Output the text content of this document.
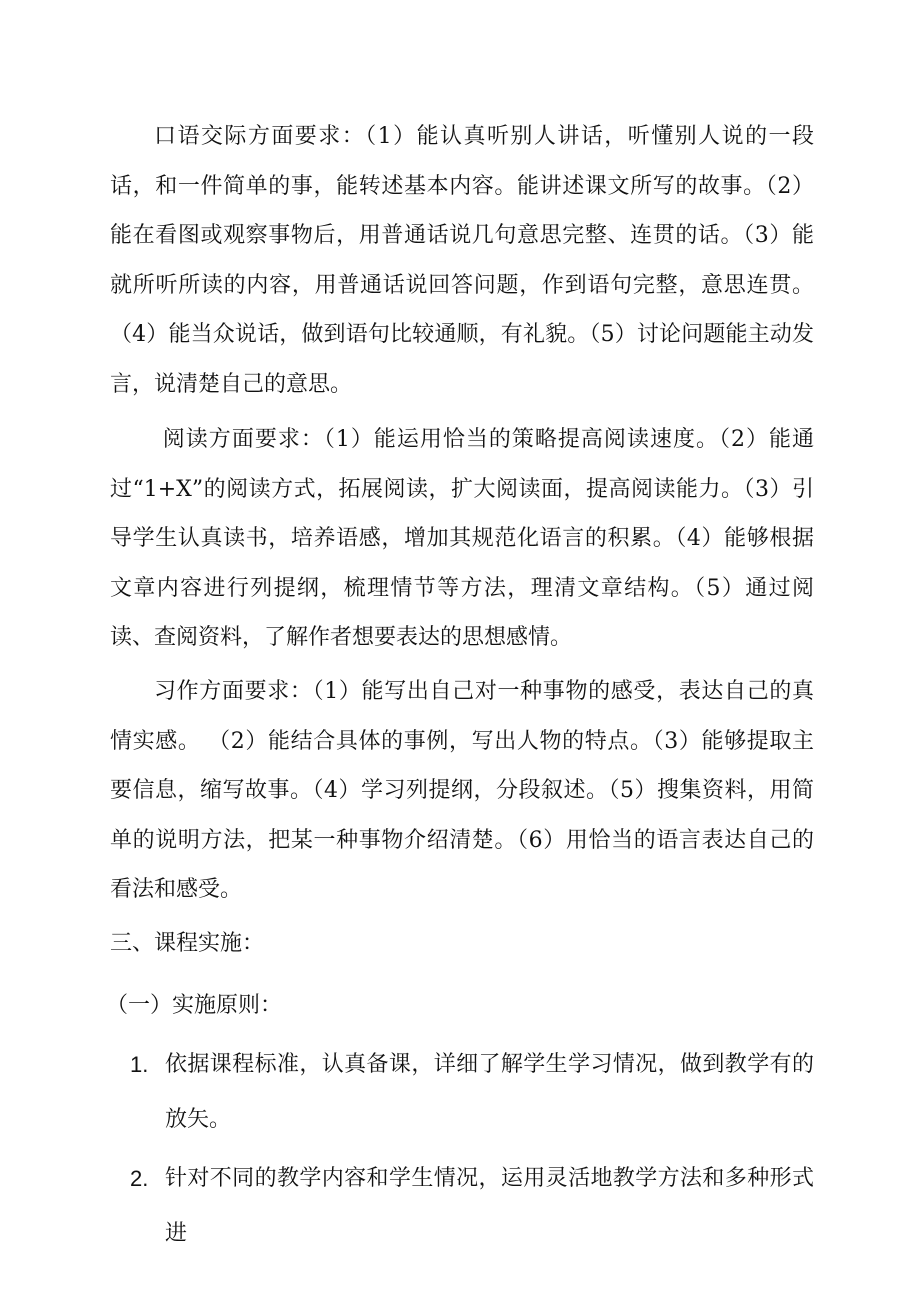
口语交际方面要求：（1）能认真听别人讲话，听懂别人说的一段话，和一件简单的事，能转述基本内容。能讲述课文所写的故事。（2）能在看图或观察事物后，用普通话说几句意思完整、连贯的话。（3）能就所听所读的内容，用普通话说回答问题，作到语句完整，意思连贯。（4）能当众说话，做到语句比较通顺，有礼貌。（5）讨论问题能主动发言，说清楚自己的意思。

阅读方面要求：（1）能运用恰当的策略提高阅读速度。（2）能通过“1+X”的阅读方式，拓展阅读，扩大阅读面，提高阅读能力。（3）引导学生认真读书，培养语感，增加其规范化语言的积累。（4）能够根据文章内容进行列提纲，梳理情节等方法，理清文章结构。（5）通过阅读、查阅资料，了解作者想要表达的思想感情。

习作方面要求：（1）能写出自己对一种事物的感受，表达自己的真情实感。 （2）能结合具体的事例，写出人物的特点。（3）能够提取主要信息，缩写故事。（4）学习列提纲，分段叙述。（5）搜集资料，用简单的说明方法，把某一种事物介绍清楚。（6）用恰当的语言表达自己的看法和感受。

三、课程实施：

（一）实施原则：

1. 依据课程标准，认真备课，详细了解学生学习情况，做到教学有的放矢。
2. 针对不同的教学内容和学生情况，运用灵活地教学方法和多种形式进
